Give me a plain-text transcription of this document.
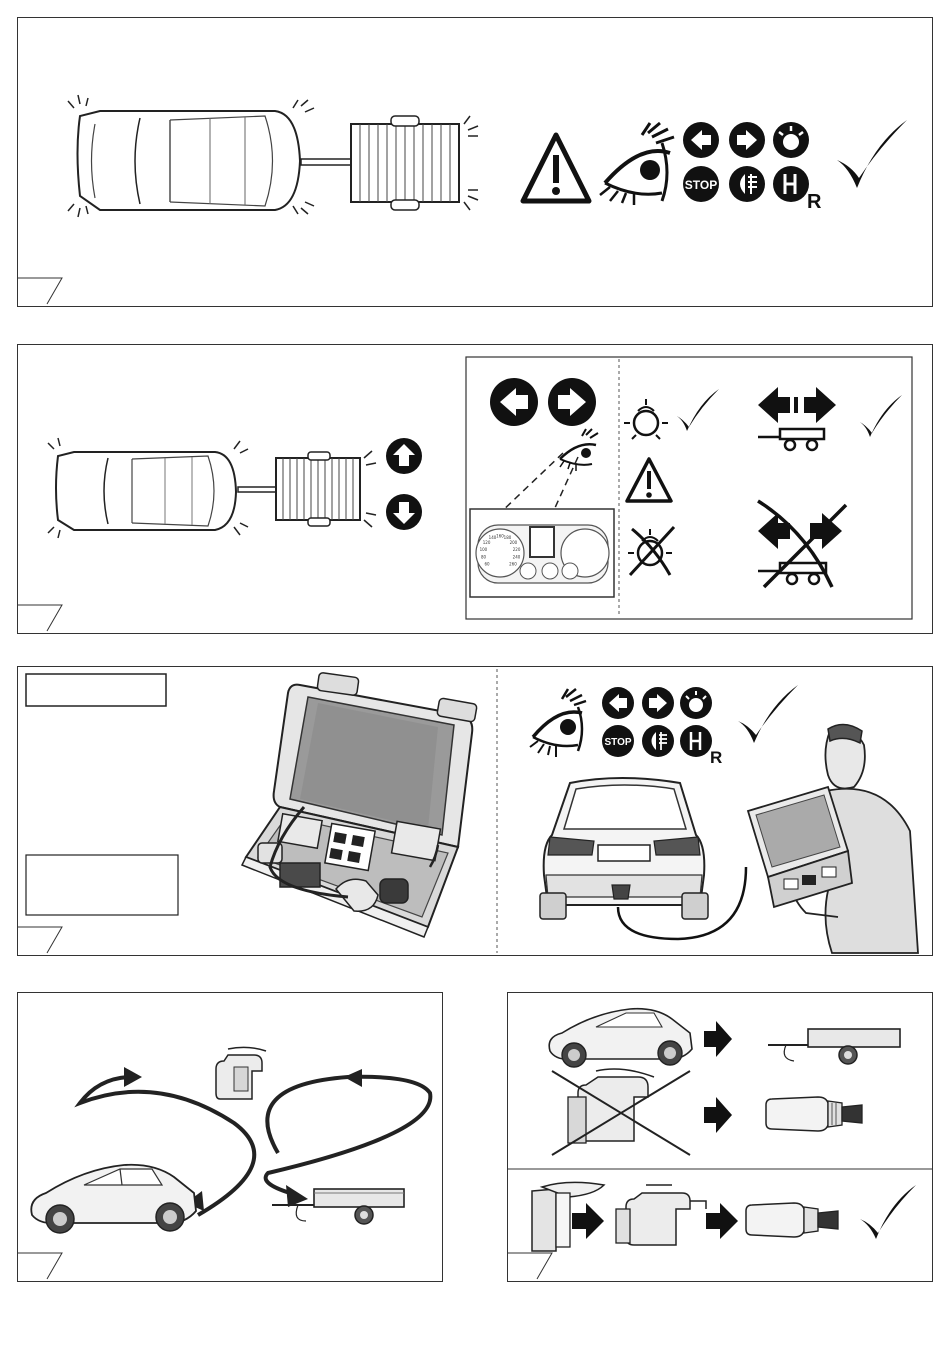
STOP
R
60
80
100
120
140 160 180
200
220
240
260
STOP
R
